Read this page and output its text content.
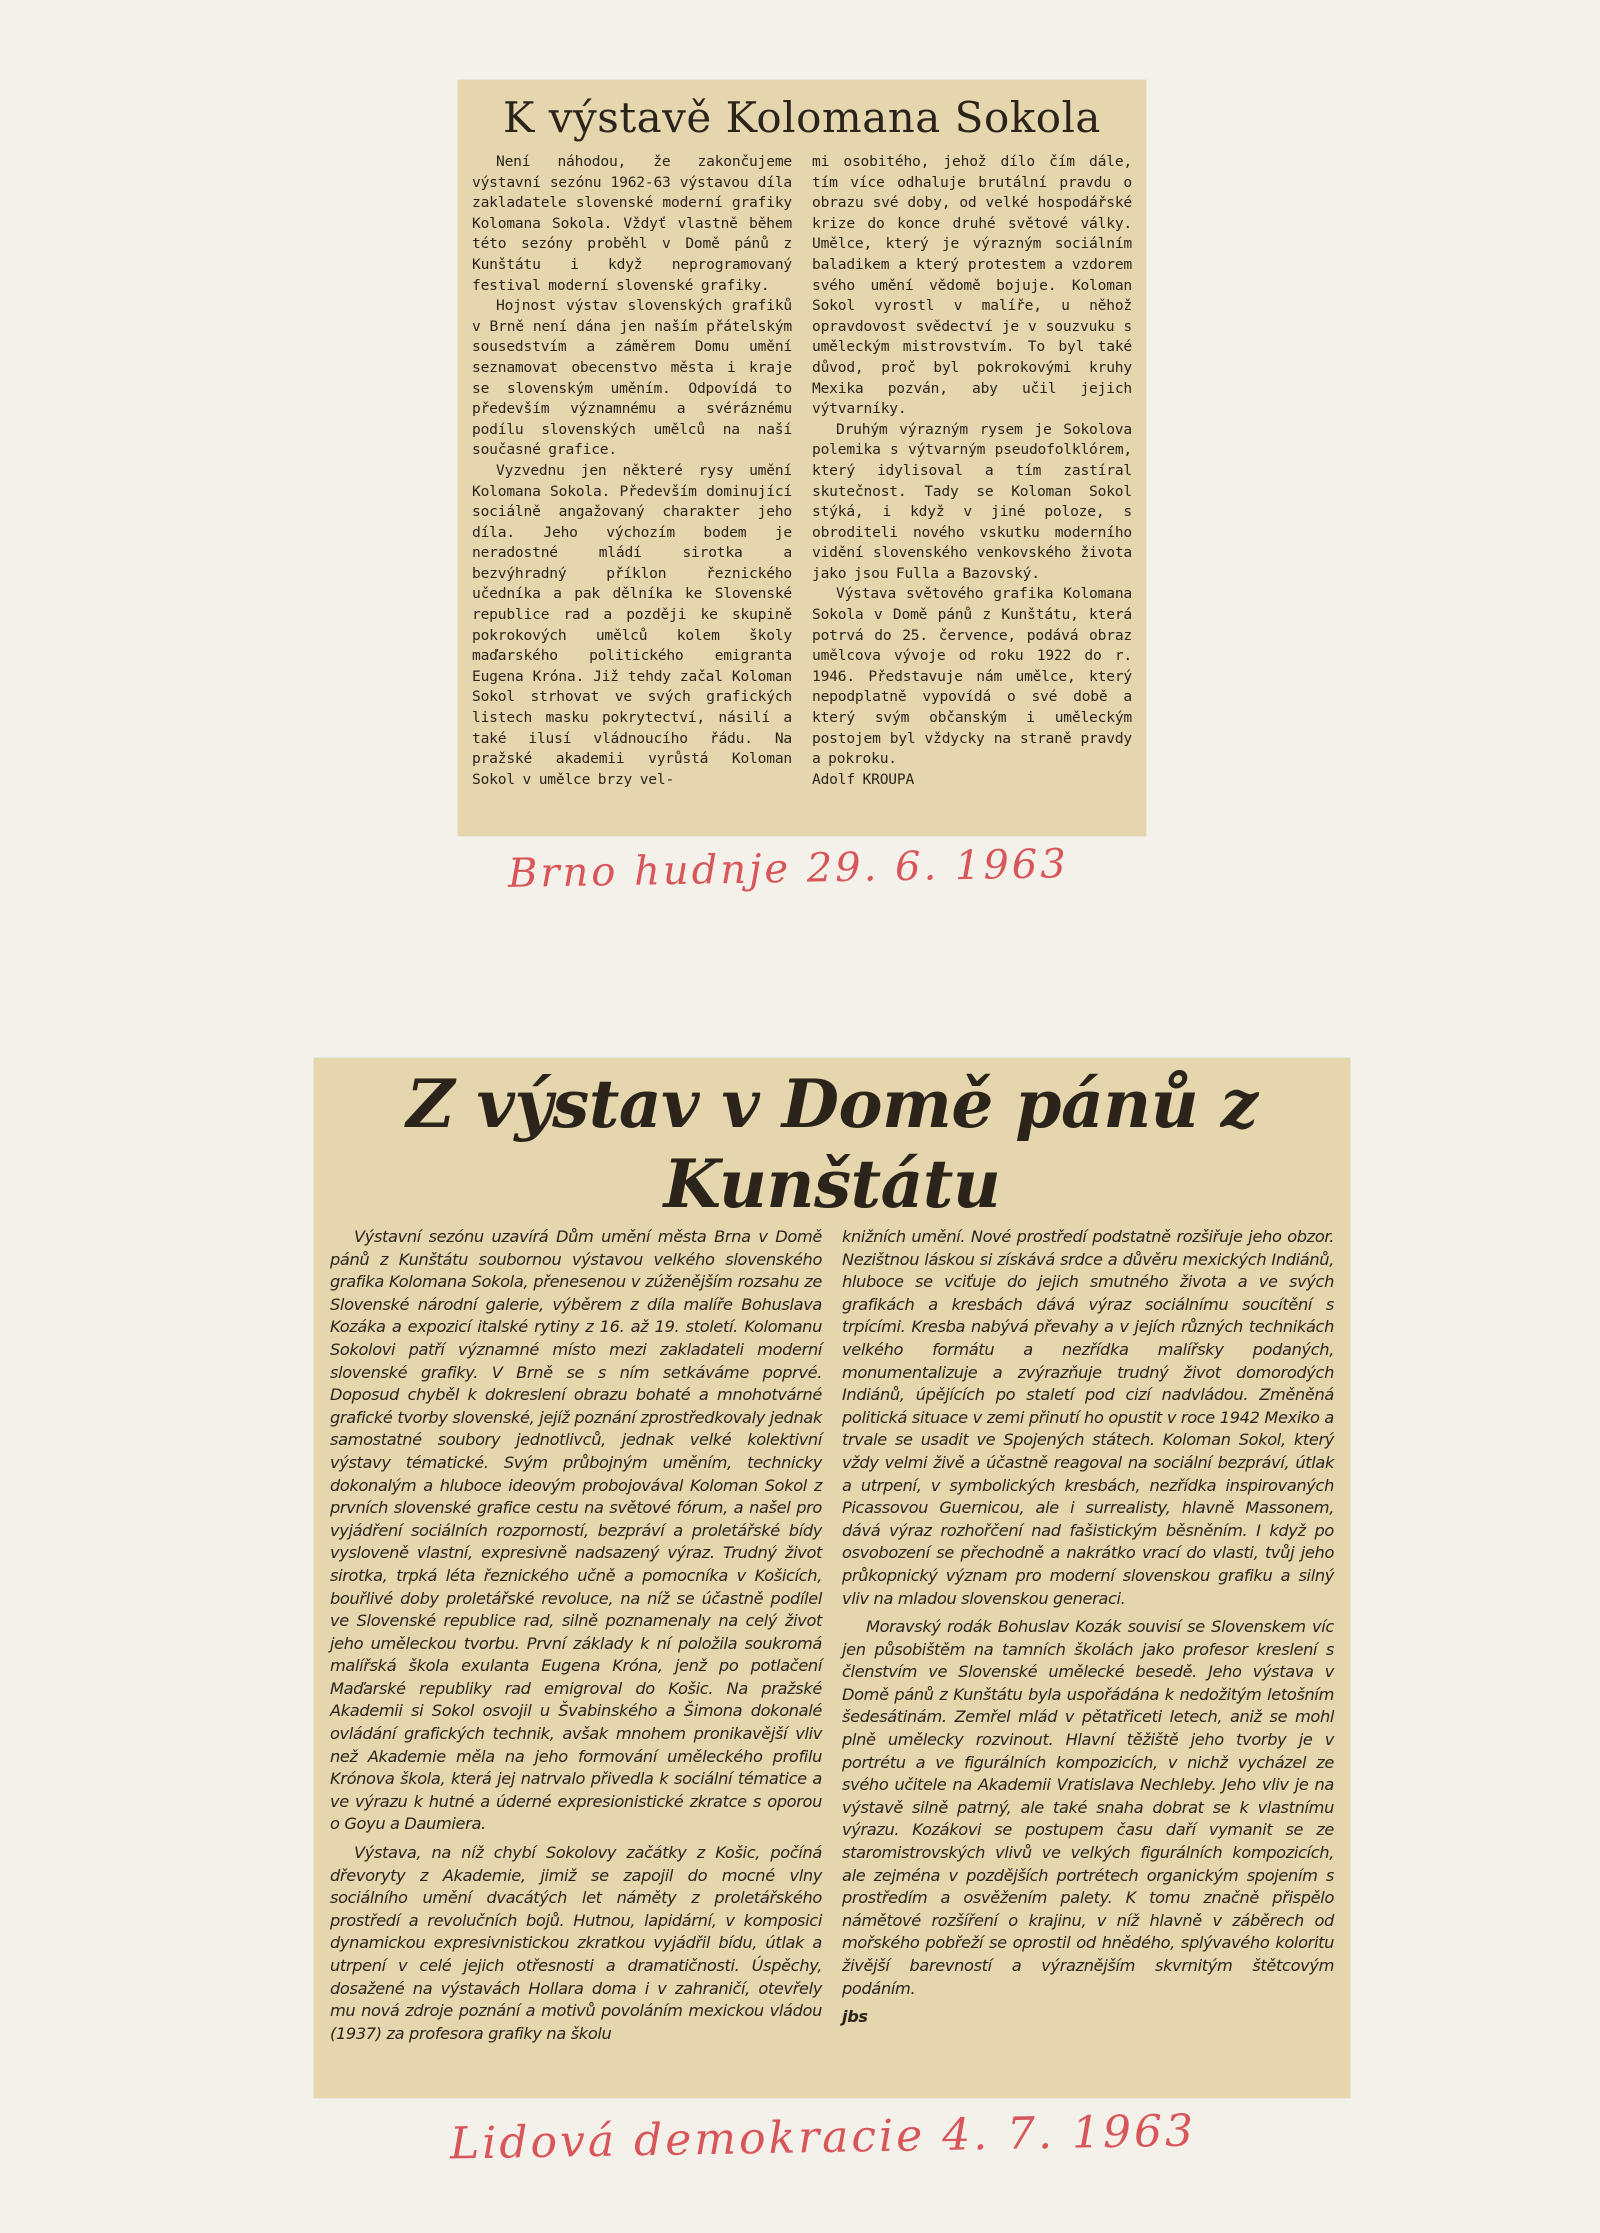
K výstavě Kolomana Sokola

Není náhodou, že zakončujeme výstavní sezónu 1962-63 výstavou díla zakladatele slovenské moderní grafiky Kolomana Sokola. Vždyť vlastně během této sezóny proběhl v Domě pánů z Kunštátu i když neprogramovaný festival moderní slovenské grafiky.

Hojnost výstav slovenských grafiků v Brně není dána jen naším přátelským sousedstvím a záměrem Domu umění seznamovat obecenstvo města i kraje se slovenským uměním. Odpovídá to především významnému a svéráznému podílu slovenských umělců na naší současné grafice.

Vyzvednu jen některé rysy umění Kolomana Sokola. Především dominující sociálně angažovaný charakter jeho díla. Jeho výchozím bodem je neradostné mládí sirotka a bezvýhradný příklon řeznického učedníka a pak dělníka ke Slovenské republice rad a později ke skupině pokrokových umělců kolem školy maďarského politického emigranta Eugena Króna. Již tehdy začal Koloman Sokol strhovat ve svých grafických listech masku pokrytectví, násilí a také ilusí vládnoucího řádu. Na pražské akademii vyrůstá Koloman Sokol v umělce brzy vel-

mi osobitého, jehož dílo čím dále, tím více odhaluje brutální pravdu o obrazu své doby, od velké hospodářské krize do konce druhé světové války. Umělce, který je výrazným sociálním baladikem a který protestem a vzdorem svého umění vědomě bojuje. Koloman Sokol vyrostl v malíře, u něhož opravdovost svědectví je v souzvuku s uměleckým mistrovstvím. To byl také důvod, proč byl pokrokovými kruhy Mexika pozván, aby učil jejich výtvarníky.

Druhým výrazným rysem je Sokolova polemika s výtvarným pseudofolklórem, který idylisoval a tím zastíral skutečnost. Tady se Koloman Sokol stýká, i když v jiné poloze, s obroditeli nového vskutku moderního vidění slovenského venkovského života jako jsou Fulla a Bazovský.

Výstava světového grafika Kolomana Sokola v Domě pánů z Kunštátu, která potrvá do 25. července, podává obraz umělcova vývoje od roku 1922 do r. 1946. Představuje nám umělce, který nepodplatně vypovídá o své době a který svým občanským i uměleckým postojem byl vždycky na straně pravdy a pokroku.

Adolf KROUPA

Brno hudnje 29. 6. 1963
Z výstav v Domě pánů z Kunštátu

Výstavní sezónu uzavírá Dům umění města Brna v Domě pánů z Kunštátu soubornou výstavou velkého slovenského grafika Kolomana Sokola, přenesenou v zúženějším rozsahu ze Slovenské národní galerie, výběrem z díla malíře Bohuslava Kozáka a expozicí italské rytiny z 16. až 19. století. Kolomanu Sokolovi patří významné místo mezi zakladateli moderní slovenské grafiky. V Brně se s ním setkáváme poprvé. Doposud chyběl k dokreslení obrazu bohaté a mnohotvárné grafické tvorby slovenské, jejíž poznání zprostředkovaly jednak samostatné soubory jednotlivců, jednak velké kolektivní výstavy tématické. Svým průbojným uměním, technicky dokonalým a hluboce ideovým probojovával Koloman Sokol z prvních slovenské grafice cestu na světové fórum, a našel pro vyjádření sociálních rozporností, bezpráví a proletářské bídy vysloveně vlastní, expresivně nadsazený výraz. Trudný život sirotka, trpká léta řeznického učně a pomocníka v Košicích, bouřlivé doby proletářské revoluce, na níž se účastně podílel ve Slovenské republice rad, silně poznamenaly na celý život jeho uměleckou tvorbu. První základy k ní položila soukromá malířská škola exulanta Eugena Króna, jenž po potlačení Maďarské republiky rad emigroval do Košic. Na pražské Akademii si Sokol osvojil u Švabinského a Šimona dokonalé ovládání grafických technik, avšak mnohem pronikavější vliv než Akademie měla na jeho formování uměleckého profilu Krónova škola, která jej natrvalo přivedla k sociální tématice a ve výrazu k hutné a úderné expresionistické zkratce s oporou o Goyu a Daumiera.

Výstava, na níž chybí Sokolovy začátky z Košic, počíná dřevoryty z Akademie, jimiž se zapojil do mocné vlny sociálního umění dvacátých let náměty z proletářského prostředí a revolučních bojů. Hutnou, lapidární, v komposici dynamickou expresivnistickou zkratkou vyjádřil bídu, útlak a utrpení v celé jejich otřesnosti a dramatičnosti. Úspěchy, dosažené na výstavách Hollara doma i v zahraničí, otevřely mu nová zdroje poznání a motivů povoláním mexickou vládou (1937) za profesora grafiky na školu

knižních umění. Nové prostředí podstatně rozšiřuje jeho obzor. Nezištnou láskou si získává srdce a důvěru mexických Indiánů, hluboce se vciťuje do jejich smutného života a ve svých grafikách a kresbách dává výraz sociálnímu soucítění s trpícími. Kresba nabývá převahy a v jejích různých technikách velkého formátu a nezřídka malířsky podaných, monumentalizuje a zvýrazňuje trudný život domorodých Indiánů, úpějících po staletí pod cizí nadvládou. Změněná politická situace v zemi přinutí ho opustit v roce 1942 Mexiko a trvale se usadit ve Spojených státech. Koloman Sokol, který vždy velmi živě a účastně reagoval na sociální bezpráví, útlak a utrpení, v symbolických kresbách, nezřídka inspirovaných Picassovou Guernicou, ale i surrealisty, hlavně Massonem, dává výraz rozhořčení nad fašistickým běsněním. I když po osvobození se přechodně a nakrátko vrací do vlasti, tvůj jeho průkopnický význam pro moderní slovenskou grafiku a silný vliv na mladou slovenskou generaci.

Moravský rodák Bohuslav Kozák souvisí se Slovenskem víc jen působištěm na tamních školách jako profesor kreslení s členstvím ve Slovenské umělecké besedě. Jeho výstava v Domě pánů z Kunštátu byla uspořádána k nedožitým letošním šedesátinám. Zemřel mlád v pětatřiceti letech, aniž se mohl plně umělecky rozvinout. Hlavní těžiště jeho tvorby je v portrétu a ve figurálních kompozicích, v nichž vycházel ze svého učitele na Akademii Vratislava Nechleby. Jeho vliv je na výstavě silně patrný, ale také snaha dobrat se k vlastnímu výrazu. Kozákovi se postupem času daří vymanit se ze staromistrovských vlivů ve velkých figurálních kompozicích, ale zejména v pozdějších portrétech organickým spojením s prostředím a osvěžením palety. K tomu značně přispělo námětové rozšíření o krajinu, v níž hlavně v záběrech od mořského pobřeží se oprostil od hnědého, splývavého koloritu živější barevností a výraznějším skvrnitým štětcovým podáním.

jbs

Lidová demokracie 4. 7. 1963
